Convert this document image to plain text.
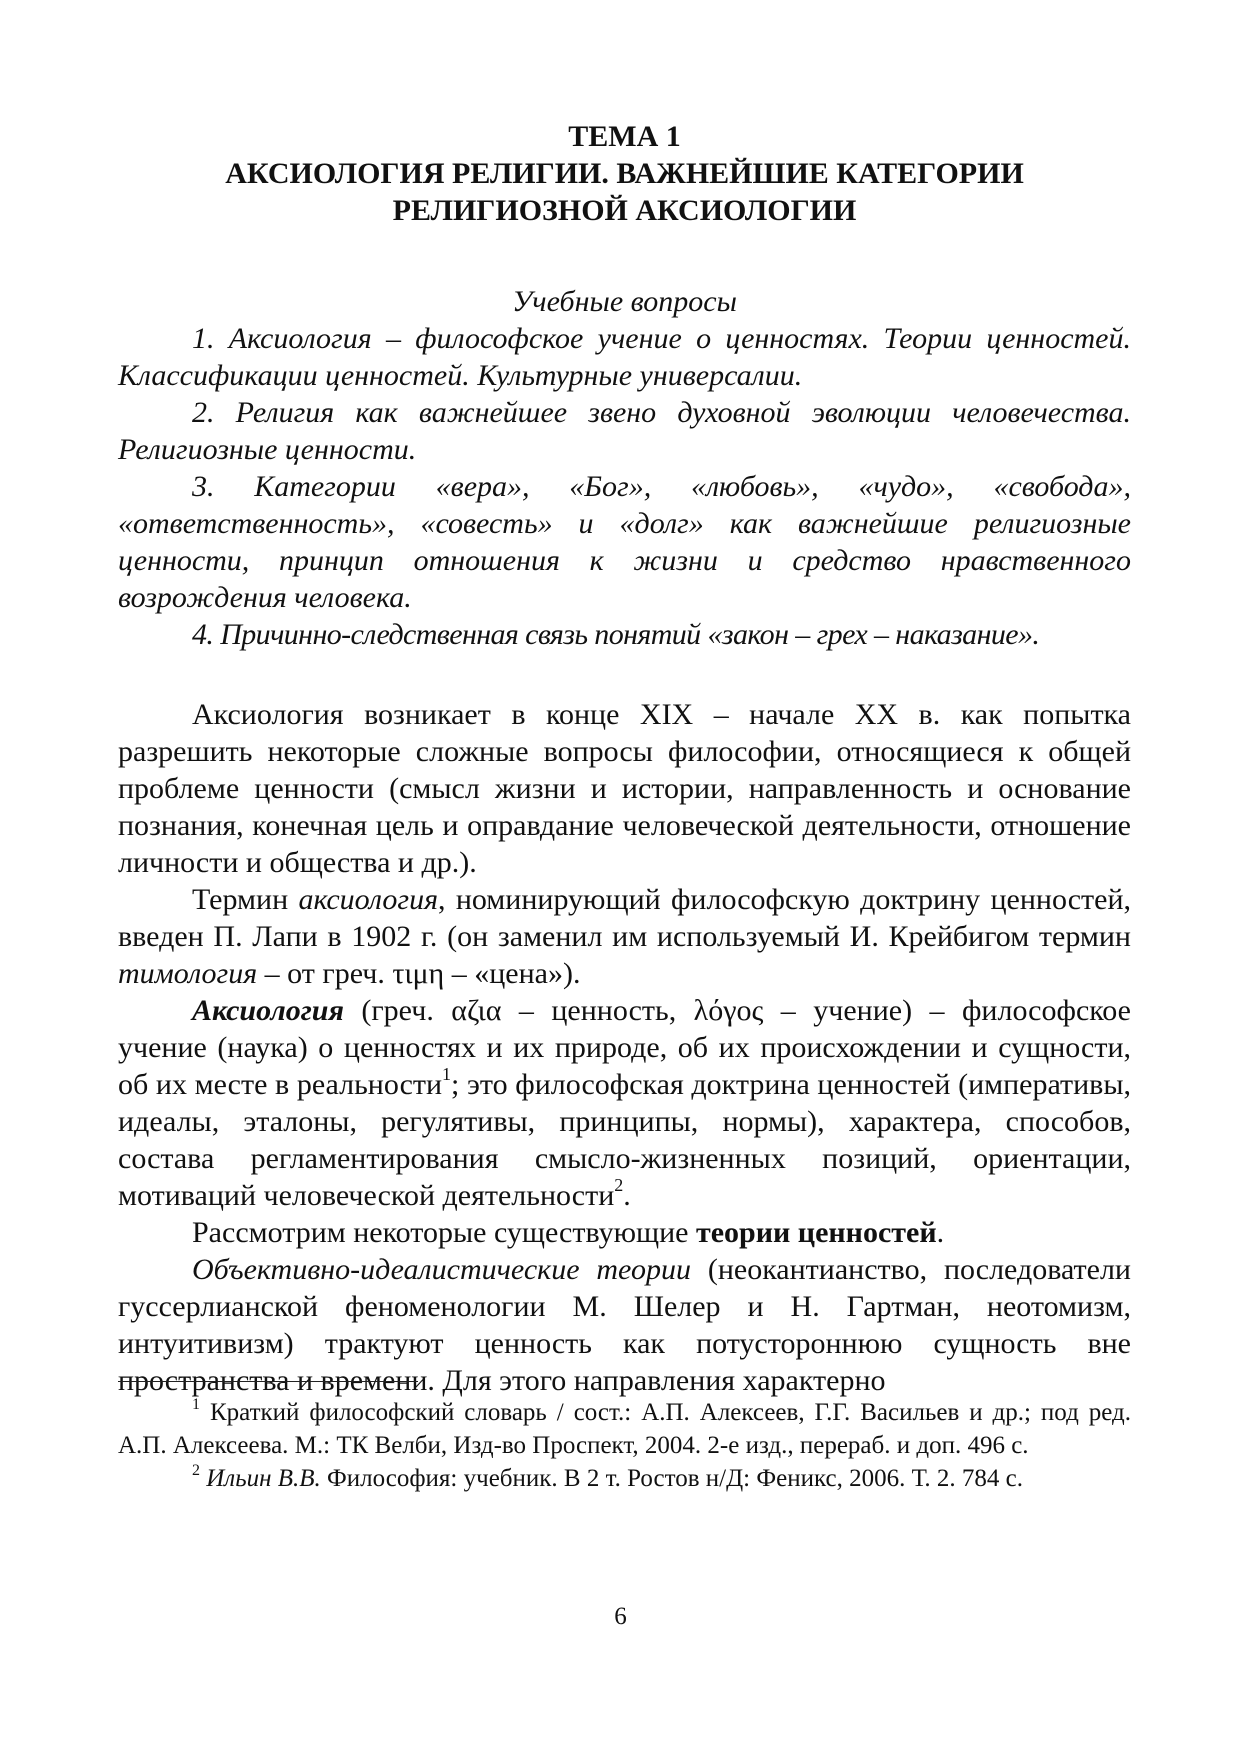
ТЕМА 1
АКСИОЛОГИЯ РЕЛИГИИ. ВАЖНЕЙШИЕ КАТЕГОРИИ
РЕЛИГИОЗНОЙ АКСИОЛОГИИ

Учебные вопросы

1. Аксиология – философское учение о ценностях. Теории ценностей. Классификации ценностей. Культурные универсалии.

2. Религия как важнейшее звено духовной эволюции человечества. Религиозные ценности.

3. Категории «вера», «Бог», «любовь», «чудо», «свобода», «ответственность», «совесть» и «долг» как важнейшие религиозные ценности, принцип отношения к жизни и средство нравственного возрождения человека.

4. Причинно-следственная связь понятий «закон – грех – наказание».

Аксиология возникает в конце XIX – начале XX в. как попытка разрешить некоторые сложные вопросы философии, относящиеся к общей проблеме ценности (смысл жизни и истории, направленность и основание познания, конечная цель и оправдание человеческой деятельности, отношение личности и общества и др.).

Термин аксиология, номинирующий философскую доктрину ценностей, введен П. Лапи в 1902 г. (он заменил им используемый И. Крейбигом термин тимология – от греч. τιμη – «цена»).

Аксиология (греч. αζια – ценность, λόγος – учение) – философское учение (наука) о ценностях и их природе, об их происхождении и сущности, об их месте в реальности$^1$; это философская доктрина ценностей (императивы, идеалы, эталоны, регулятивы, принципы, нормы), характера, способов, состава регламентирования смысло-жизненных позиций, ориентации, мотиваций человеческой деятельности$^2$.

Рассмотрим некоторые существующие теории ценностей.

Объективно-идеалистические теории (неокантианство, последователи гуссерлианской феноменологии М. Шелер и Н. Гартман, неотомизм, интуитивизм) трактуют ценность как потустороннюю сущность вне пространства и времени. Для этого направления характерно

$^1$ Краткий философский словарь / сост.: А.П. Алексеев, Г.Г. Васильев и др.; под ред. А.П. Алексеева. М.: ТК Велби, Изд-во Проспект, 2004. 2-е изд., перераб. и доп. 496 с.

$^2$ Ильин В.В. Философия: учебник. В 2 т. Ростов н/Д: Феникс, 2006. Т. 2. 784 с.

6
